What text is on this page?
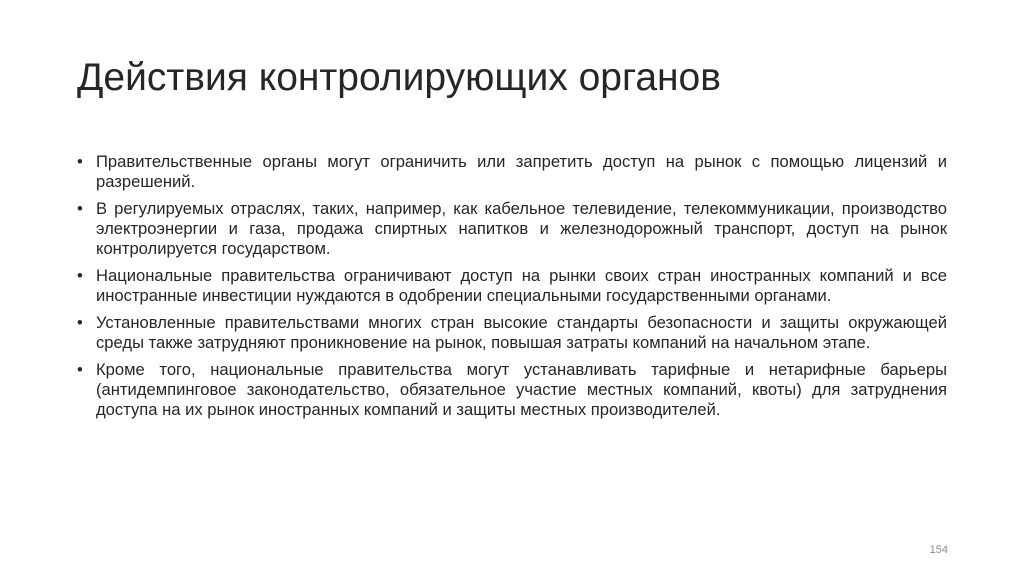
Действия контролирующих органов
• Правительственные органы могут ограничить или запретить доступ на рынок с помощью лицензий и разрешений.
• В регулируемых отраслях, таких, например, как кабельное телевидение, телекоммуникации, производство электроэнергии и газа, продажа спиртных напитков и железнодорожный транспорт, доступ на рынок контролируется государством.
• Национальные правительства ограничивают доступ на рынки своих стран иностранных компаний и все иностранные инвестиции нуждаются в одобрении специальными государственными органами.
• Установленные правительствами многих стран высокие стандарты безопасности и защиты окружающей среды также затрудняют проникновение на рынок, повышая затраты компаний на начальном этапе.
• Кроме того, национальные правительства могут устанавливать тарифные и нетарифные барьеры (антидемпинговое законодательство, обязательное участие местных компаний, квоты) для затруднения доступа на их рынок иностранных компаний и защиты местных производителей.
154
